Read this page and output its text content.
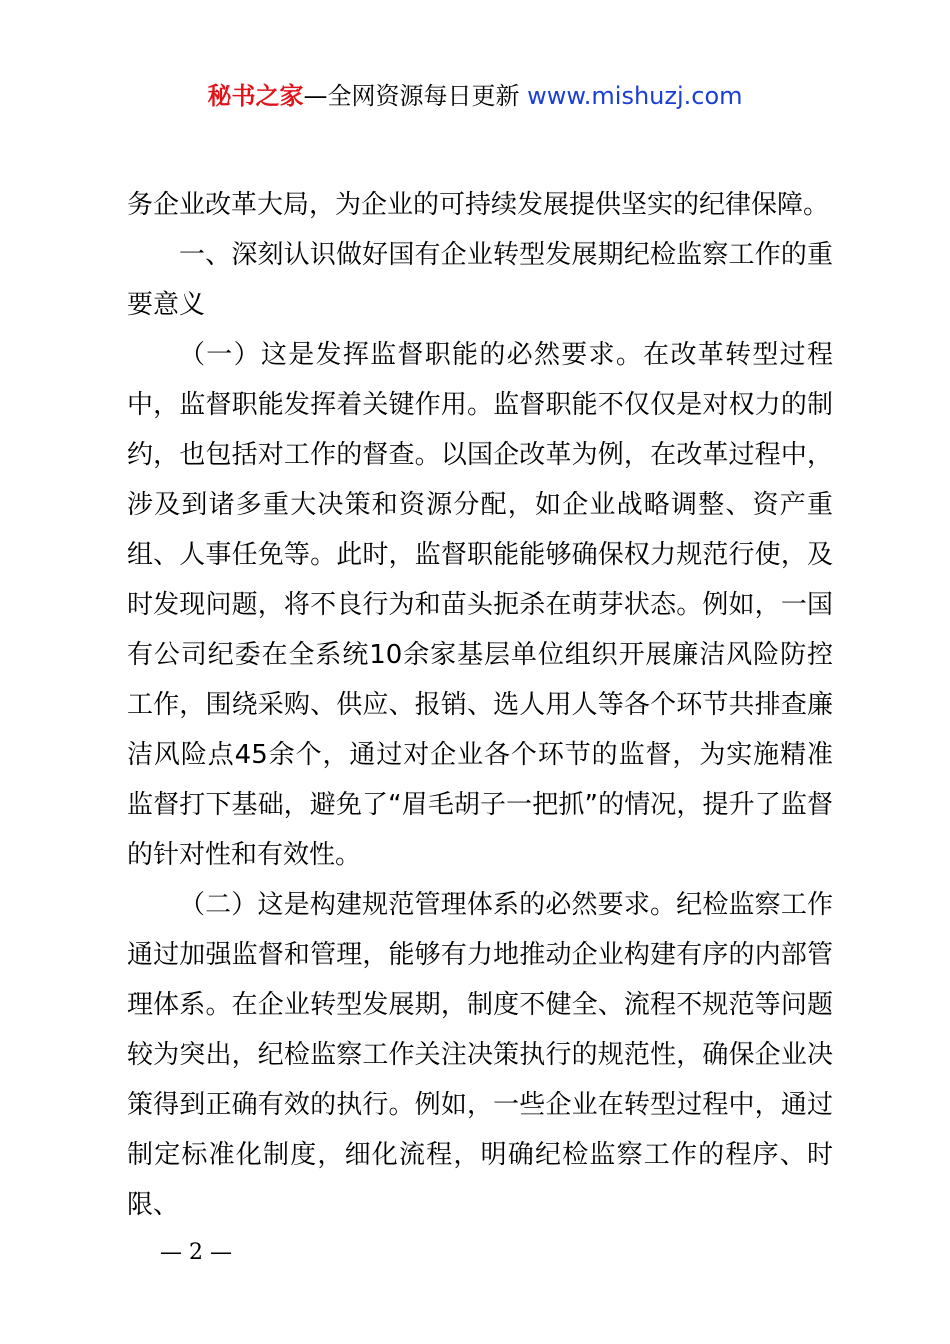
秘书之家—全网资源每日更新 www.mishuzj.com

务企业改革大局，为企业的可持续发展提供坚实的纪律保障。

一、深刻认识做好国有企业转型发展期纪检监察工作的重要意义

（一）这是发挥监督职能的必然要求。在改革转型过程中，监督职能发挥着关键作用。监督职能不仅仅是对权力的制约，也包括对工作的督查。以国企改革为例，在改革过程中，涉及到诸多重大决策和资源分配，如企业战略调整、资产重组、人事任免等。此时，监督职能能够确保权力规范行使，及时发现问题，将不良行为和苗头扼杀在萌芽状态。例如，一国有公司纪委在全系统10余家基层单位组织开展廉洁风险防控工作，围绕采购、供应、报销、选人用人等各个环节共排查廉洁风险点45余个，通过对企业各个环节的监督，为实施精准监督打下基础，避免了“眉毛胡子一把抓”的情况，提升了监督的针对性和有效性。

（二）这是构建规范管理体系的必然要求。纪检监察工作通过加强监督和管理，能够有力地推动企业构建有序的内部管理体系。在企业转型发展期，制度不健全、流程不规范等问题较为突出，纪检监察工作关注决策执行的规范性，确保企业决策得到正确有效的执行。例如，一些企业在转型过程中，通过制定标准化制度，细化流程，明确纪检监察工作的程序、时限、

— 2 —
